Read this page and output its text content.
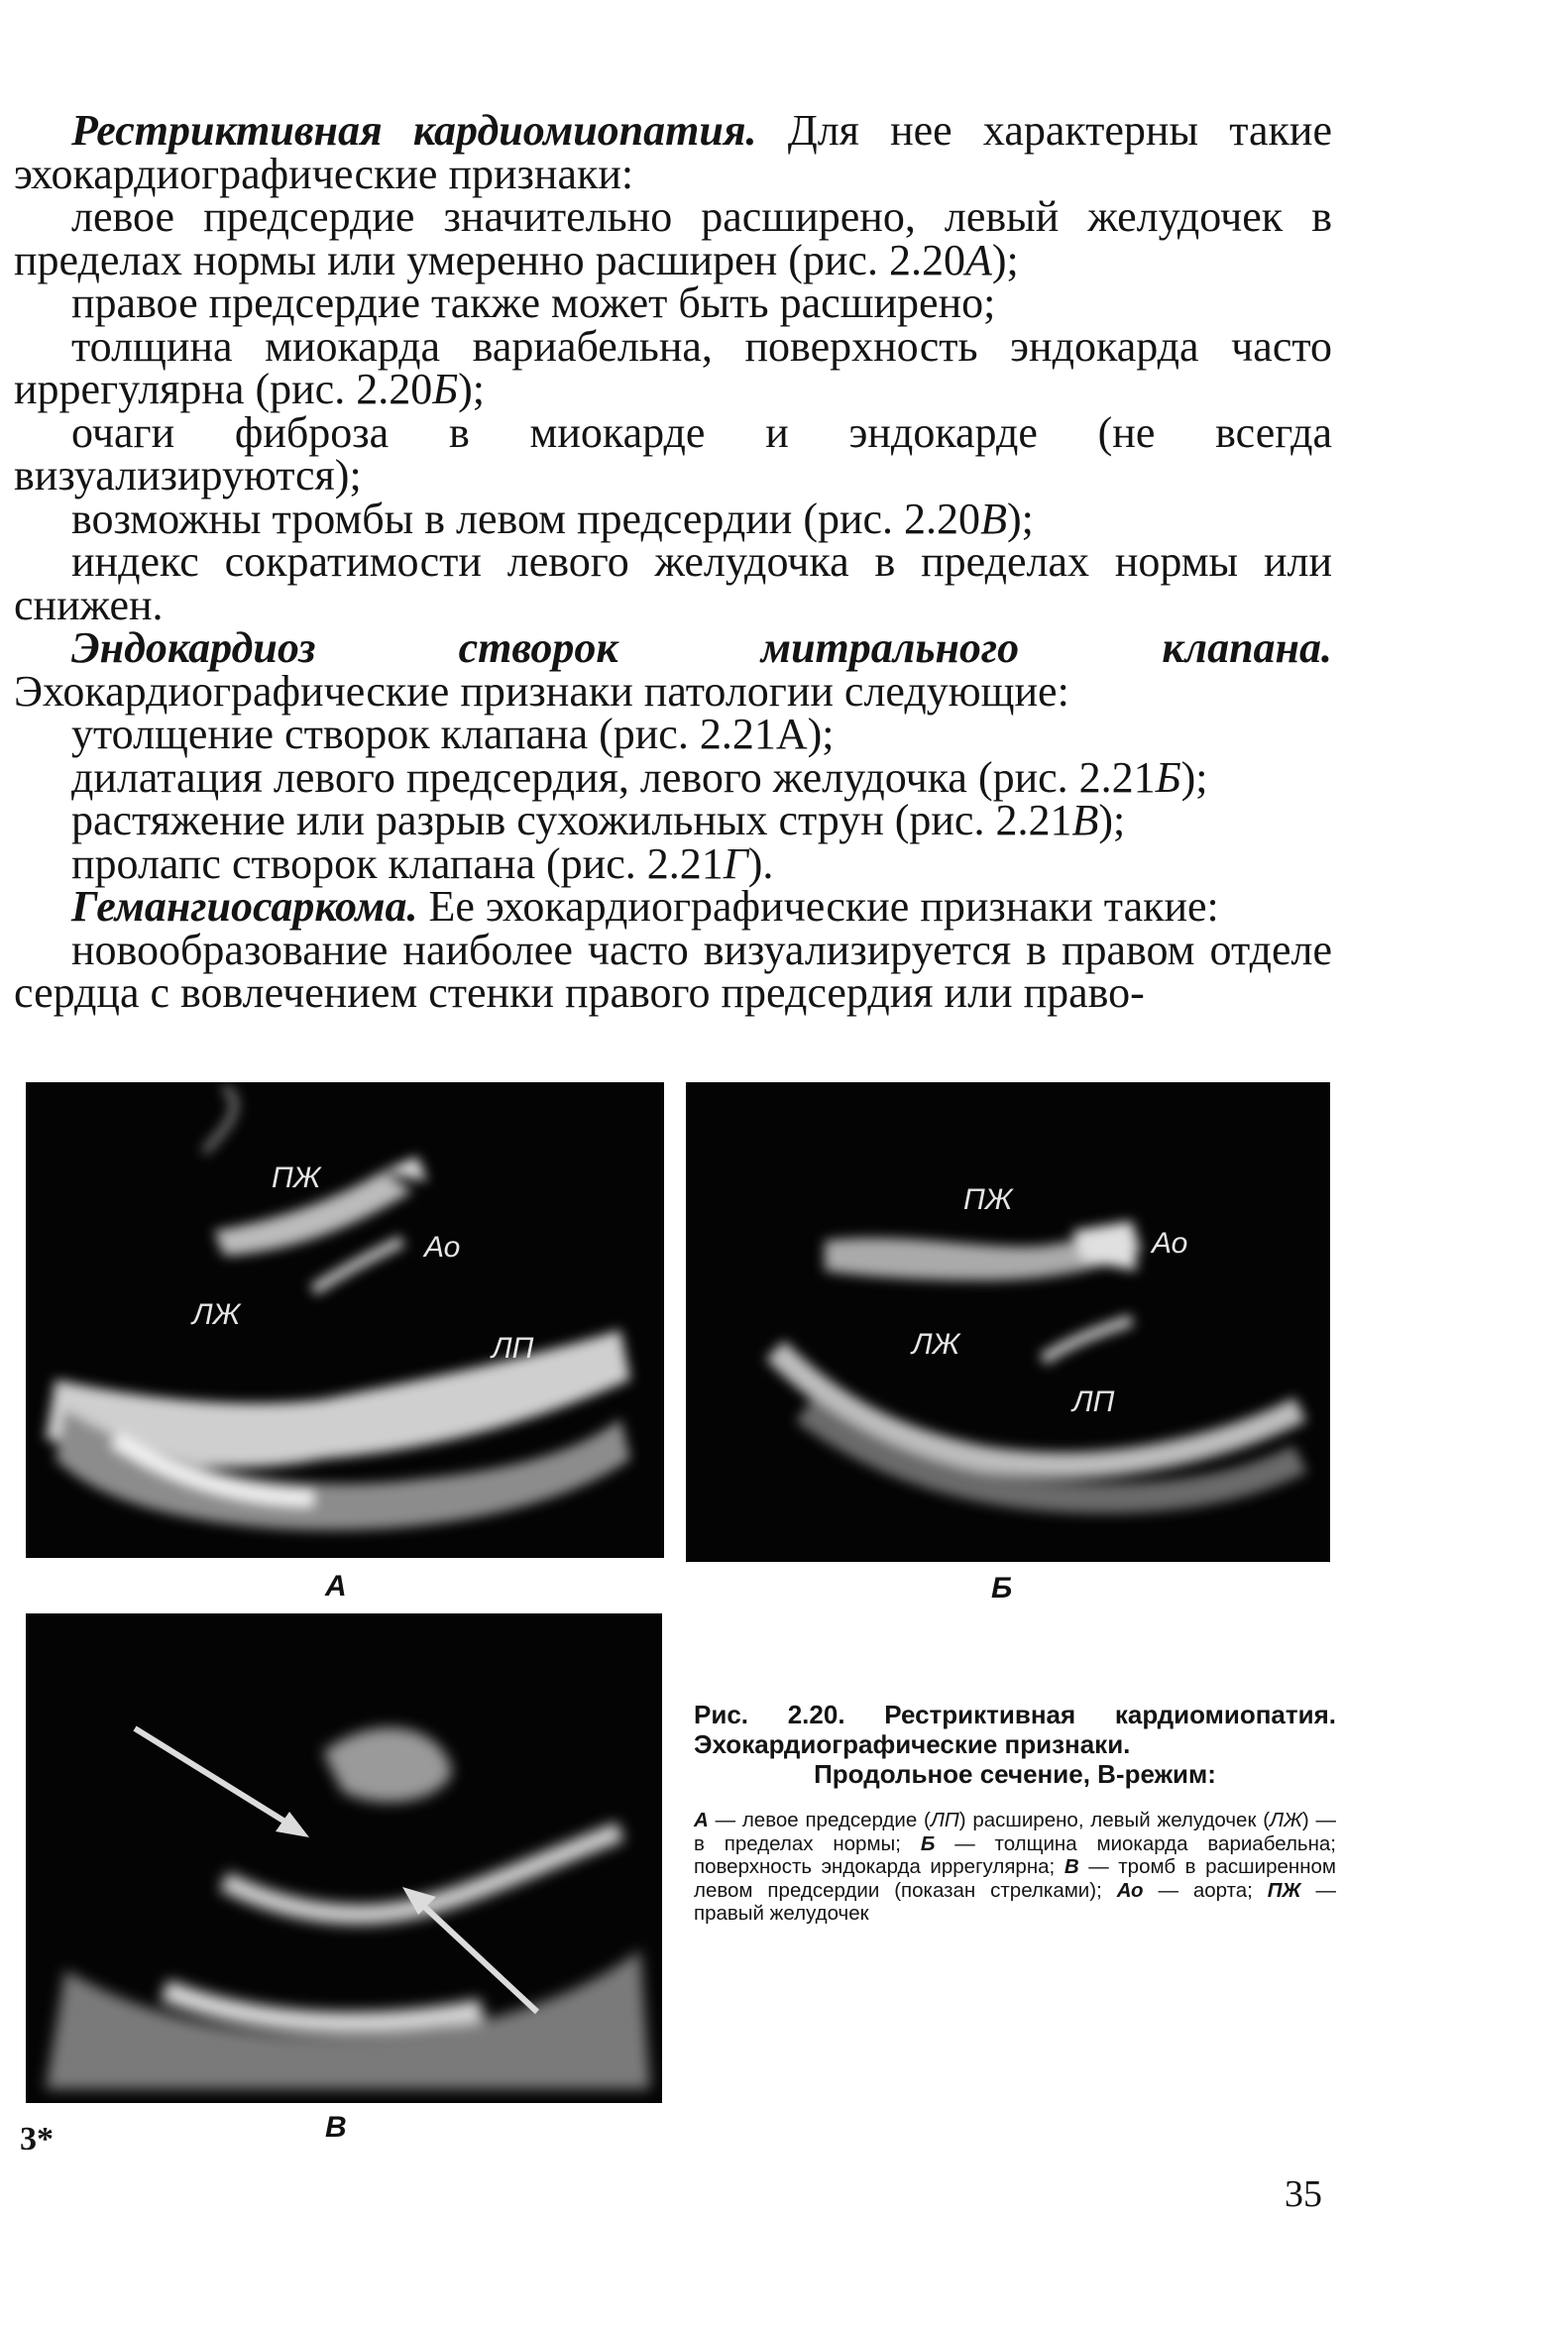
Рестриктивная кардиомиопатия. Для нее характерны такие эхокардиографические признаки:

левое предсердие значительно расширено, левый желудочек в пределах нормы или умеренно расширен (рис. 2.20А);

правое предсердие также может быть расширено;

толщина миокарда вариабельна, поверхность эндокарда часто иррегулярна (рис. 2.20Б);

очаги фиброза в миокарде и эндокарде (не всегда визуализируются);

возможны тромбы в левом предсердии (рис. 2.20В);

индекс сократимости левого желудочка в пределах нормы или снижен.

Эндокардиоз створок митрального клапана. Эхокардиографические признаки патологии следующие:

утолщение створок клапана (рис. 2.21А);

дилатация левого предсердия, левого желудочка (рис. 2.21Б);

растяжение или разрыв сухожильных струн (рис. 2.21В);

пролапс створок клапана (рис. 2.21Г).

Гемангиосаркома. Ее эхокардиографические признаки такие:

новообразование наиболее часто визуализируется в правом отделе сердца с вовлечением стенки правого предсердия или право-

ПЖ
Ао
ЛЖ
ЛП
А
ПЖ
Ао
ЛЖ
ЛП
Б
В
Рис. 2.20. Рестриктивная кардиомиопатия. Эхокардиографические признаки.
Продольное сечение, В-режим:
А — левое предсердие (ЛП) расширено, левый желудочек (ЛЖ) — в пределах нормы; Б — толщина миокарда вариабельна; поверхность эндокарда иррегулярна; В — тромб в расширенном левом предсердии (показан стрелками); Ао — аорта; ПЖ — правый желудочек
3*
35
